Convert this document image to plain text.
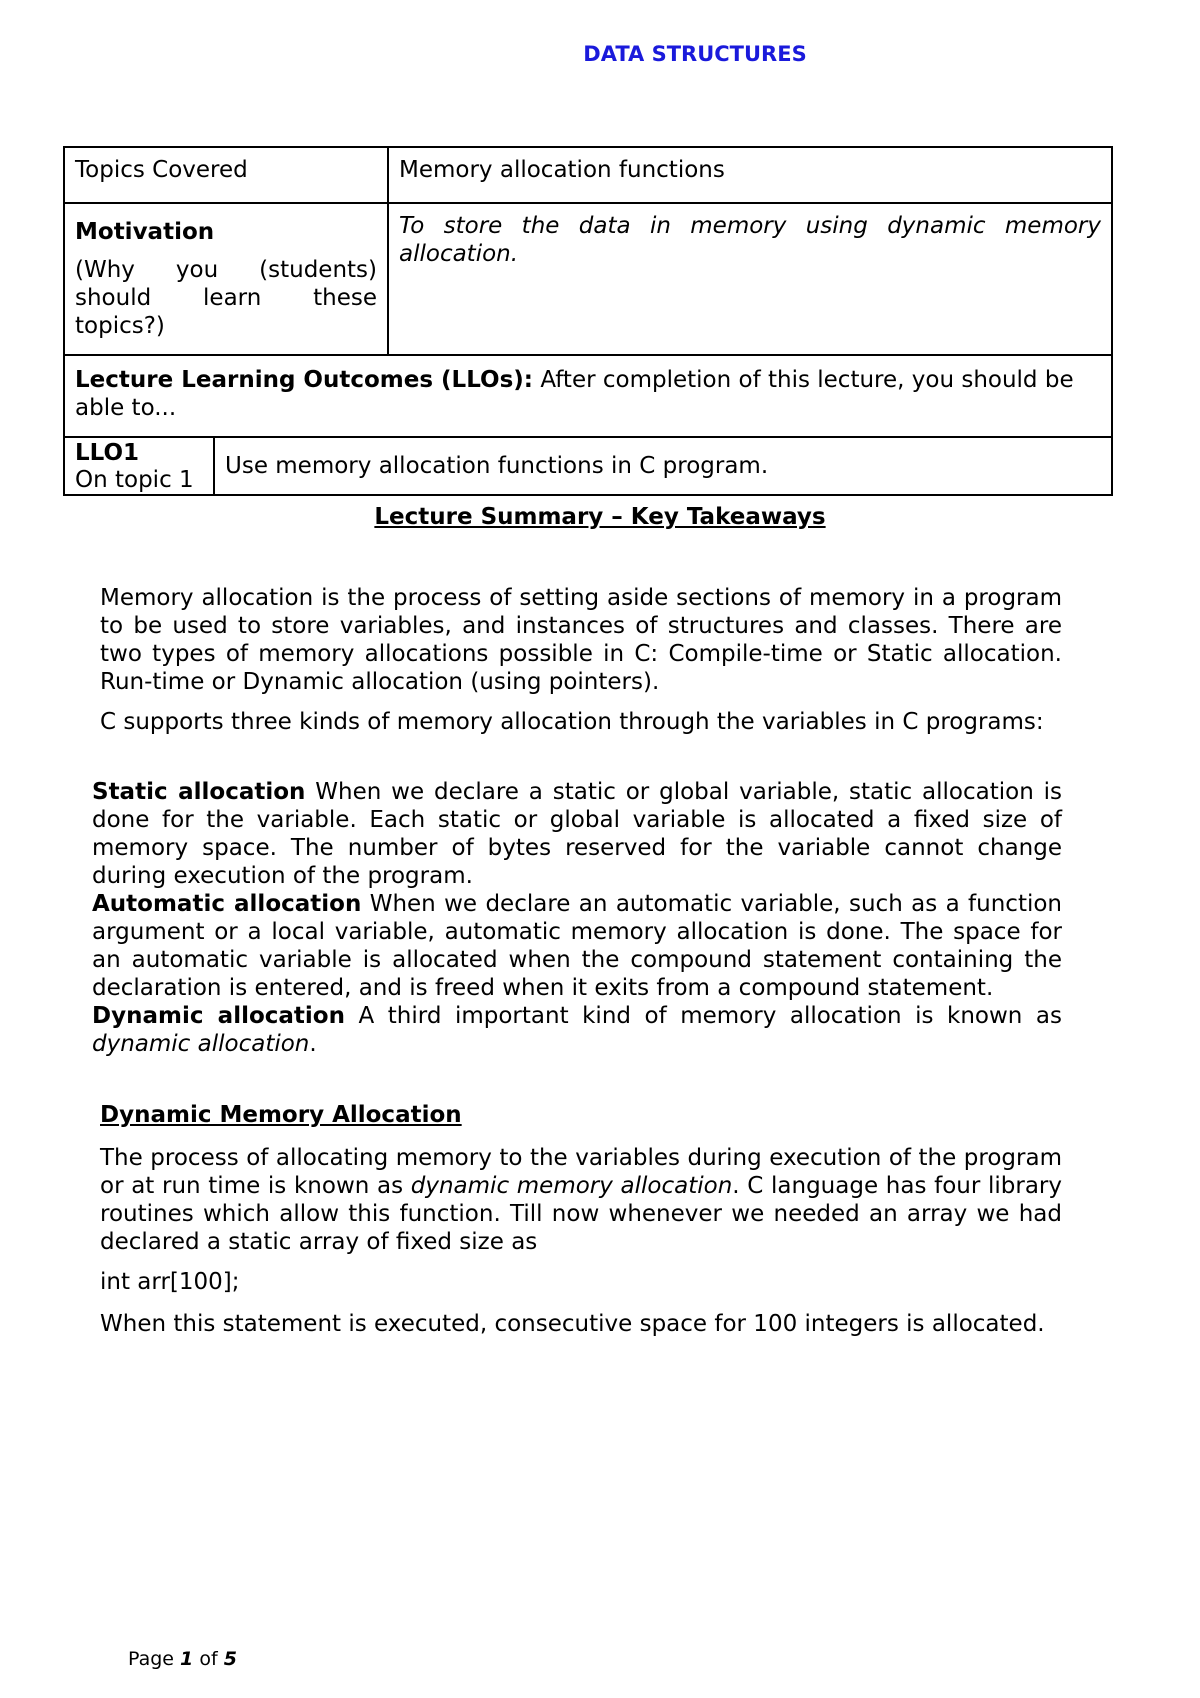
DATA STRUCTURES
Topics Covered		Memory allocation functions

Motivation
(Why you (students) should learn these topics?)		To store the data in memory using dynamic memory allocation.
Lecture Learning Outcomes (LLOs): After completion of this lecture, you should be able to...		

LLO1
On topic 1	Use memory allocation functions in C program.	
Lecture Summary – Key Takeaways
Memory allocation is the process of setting aside sections of memory in a program to be used to store variables, and instances of structures and classes. There are two types of memory allocations possible in C: Compile-time or Static allocation. Run-time or Dynamic allocation (using pointers).
C supports three kinds of memory allocation through the variables in C programs:
Static allocation When we declare a static or global variable, static allocation is done for the variable. Each static or global variable is allocated a fixed size of memory space. The number of bytes reserved for the variable cannot change during execution of the program.
Automatic allocation When we declare an automatic variable, such as a function argument or a local variable, automatic memory allocation is done. The space for an automatic variable is allocated when the compound statement containing the declaration is entered, and is freed when it exits from a compound statement.
Dynamic allocation A third important kind of memory allocation is known as dynamic allocation.
Dynamic Memory Allocation
The process of allocating memory to the variables during execution of the program or at run time is known as dynamic memory allocation. C language has four library routines which allow this function. Till now whenever we needed an array we had declared a static array of fixed size as
int arr[100];
When this statement is executed, consecutive space for 100 integers is allocated.
Page 1 of 5
